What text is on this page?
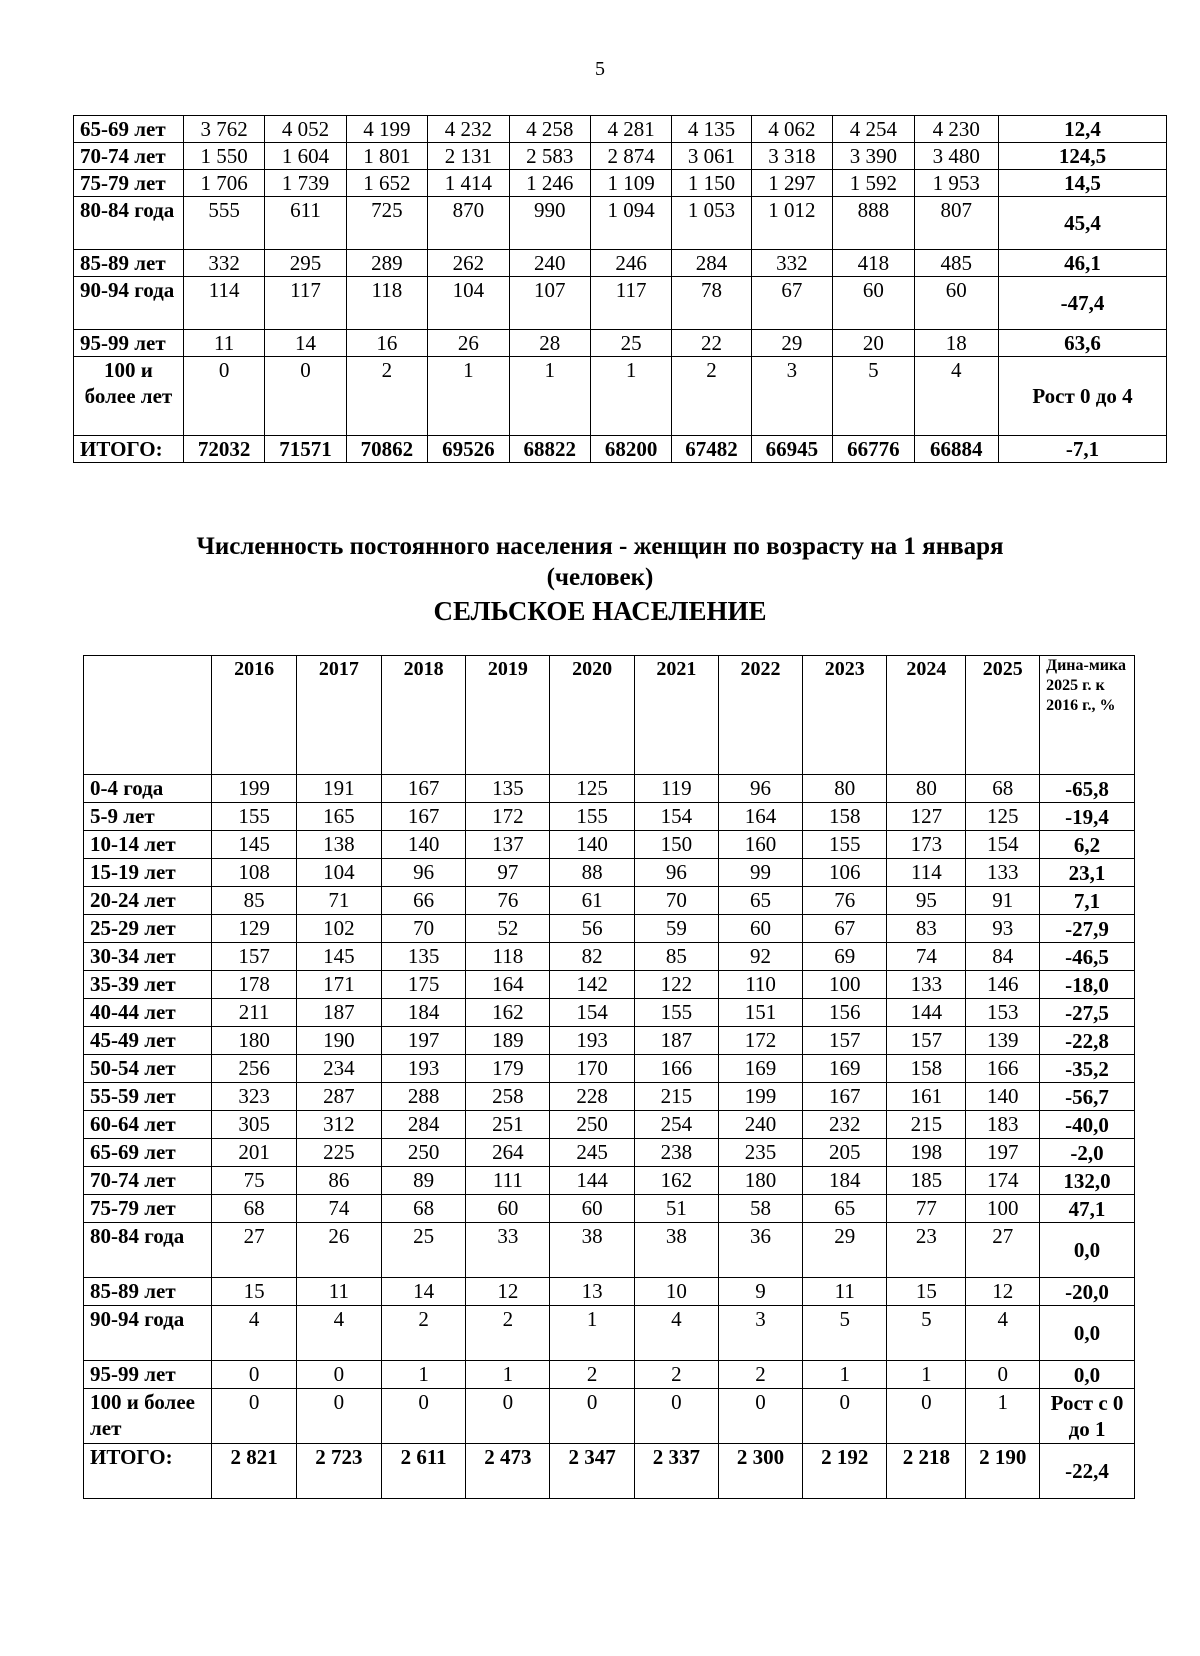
5
65-69 лет	3 762	4 052	4 199	4 232	4 258	4 281	4 135	4 062	4 254	4 230	12,4
70-74 лет	1 550	1 604	1 801	2 131	2 583	2 874	3 061	3 318	3 390	3 480	124,5
75-79 лет	1 706	1 739	1 652	1 414	1 246	1 109	1 150	1 297	1 592	1 953	14,5
80-84 года	555	611	725	870	990	1 094	1 053	1 012	888	807	45,4
85-89 лет	332	295	289	262	240	246	284	332	418	485	46,1
90-94 года	114	117	118	104	107	117	78	67	60	60	-47,4
95-99 лет	11	14	16	26	28	25	22	29	20	18	63,6
100 и более лет	0	0	2	1	1	1	2	3	5	4	Рост 0 до 4
ИТОГО:	72032	71571	70862	69526	68822	68200	67482	66945	66776	66884	-7,1
Численность постоянного населения - женщин по возрасту на 1 января
(человек)
СЕЛЬСКОЕ НАСЕЛЕНИЕ
	2016	2017	2018	2019	2020	2021	2022	2023	2024	2025	Дина-мика 2025 г. к 2016 г., %
0-4 года	199	191	167	135	125	119	96	80	80	68	-65,8
5-9 лет	155	165	167	172	155	154	164	158	127	125	-19,4
10-14 лет	145	138	140	137	140	150	160	155	173	154	6,2
15-19 лет	108	104	96	97	88	96	99	106	114	133	23,1
20-24 лет	85	71	66	76	61	70	65	76	95	91	7,1
25-29 лет	129	102	70	52	56	59	60	67	83	93	-27,9
30-34 лет	157	145	135	118	82	85	92	69	74	84	-46,5
35-39 лет	178	171	175	164	142	122	110	100	133	146	-18,0
40-44 лет	211	187	184	162	154	155	151	156	144	153	-27,5
45-49 лет	180	190	197	189	193	187	172	157	157	139	-22,8
50-54 лет	256	234	193	179	170	166	169	169	158	166	-35,2
55-59 лет	323	287	288	258	228	215	199	167	161	140	-56,7
60-64 лет	305	312	284	251	250	254	240	232	215	183	-40,0
65-69 лет	201	225	250	264	245	238	235	205	198	197	-2,0
70-74 лет	75	86	89	111	144	162	180	184	185	174	132,0
75-79 лет	68	74	68	60	60	51	58	65	77	100	47,1
80-84 года	27	26	25	33	38	38	36	29	23	27	0,0
85-89 лет	15	11	14	12	13	10	9	11	15	12	-20,0
90-94 года	4	4	2	2	1	4	3	5	5	4	0,0
95-99 лет	0	0	1	1	2	2	2	1	1	0	0,0
100 и более лет	0	0	0	0	0	0	0	0	0	1	Рост с 0 до 1
ИТОГО:	2 821	2 723	2 611	2 473	2 347	2 337	2 300	2 192	2 218	2 190	-22,4
